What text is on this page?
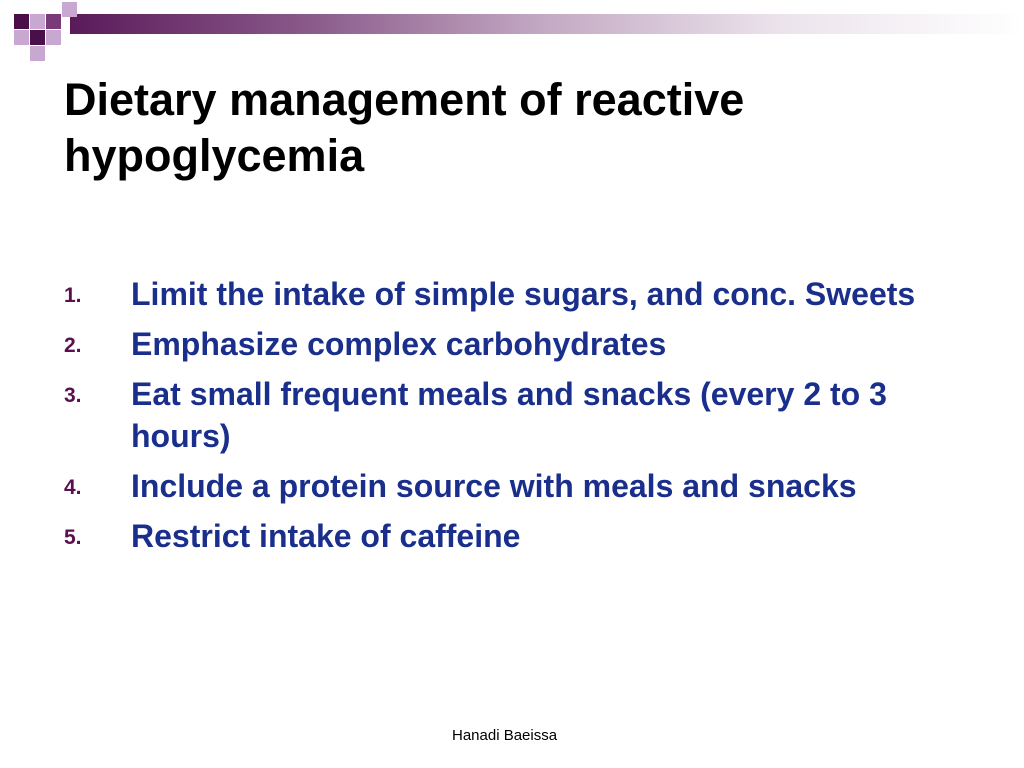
Dietary management of reactive
hypoglycemia
1. Limit the intake of simple sugars, and conc. Sweets
2. Emphasize complex carbohydrates
3. Eat small frequent meals and snacks (every 2 to 3 hours)
4. Include a protein source with meals and snacks
5. Restrict intake of caffeine
Hanadi Baeissa
